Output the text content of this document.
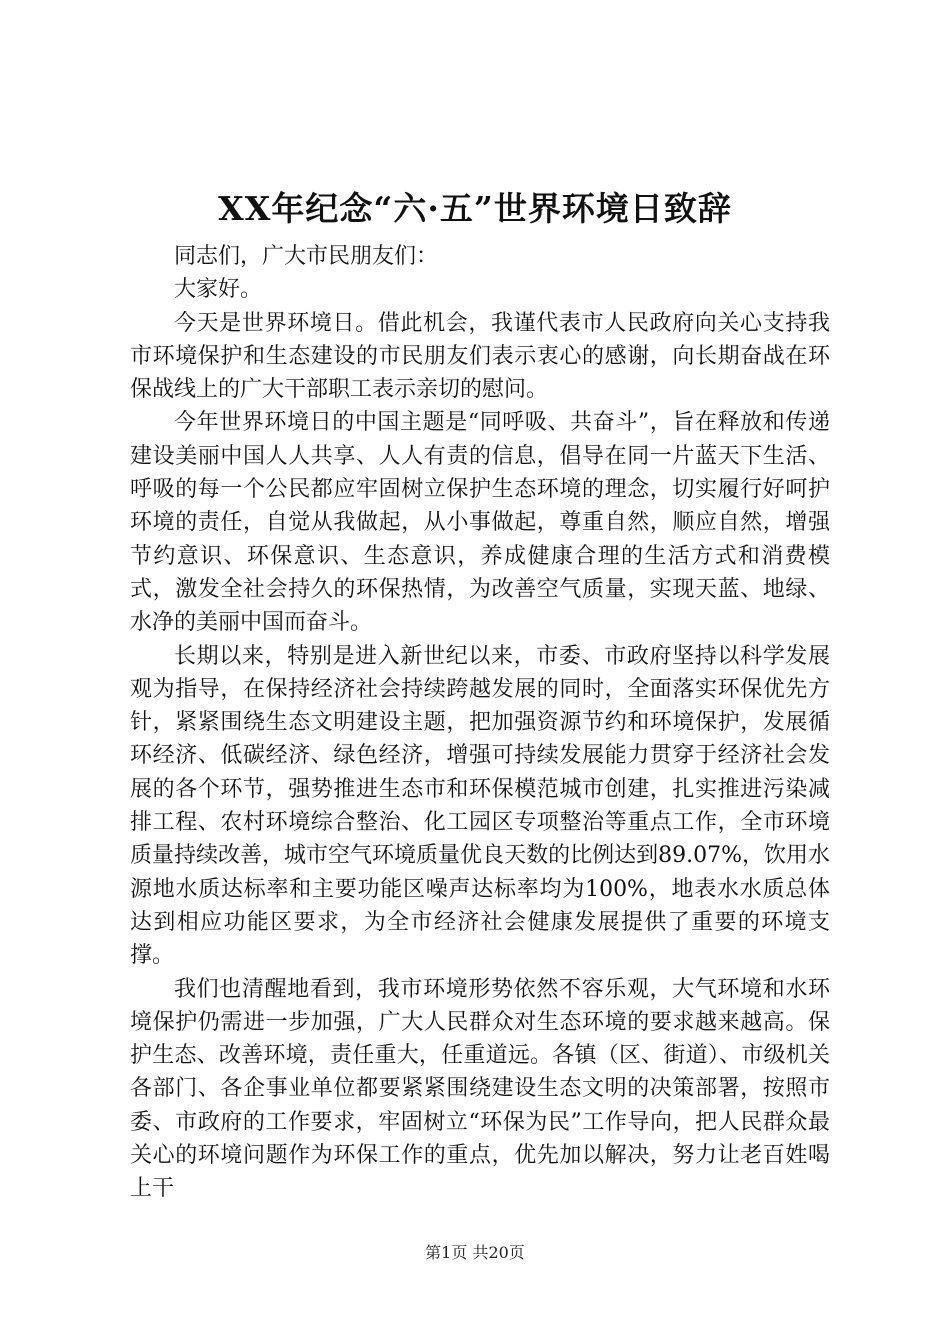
XX年纪念“六·五”世界环境日致辞

同志们，广大市民朋友们：

大家好。

今天是世界环境日。借此机会，我谨代表市人民政府向关心支持我市环境保护和生态建设的市民朋友们表示衷心的感谢，向长期奋战在环保战线上的广大干部职工表示亲切的慰问。

今年世界环境日的中国主题是“同呼吸、共奋斗”，旨在释放和传递建设美丽中国人人共享、人人有责的信息，倡导在同一片蓝天下生活、呼吸的每一个公民都应牢固树立保护生态环境的理念，切实履行好呵护环境的责任，自觉从我做起，从小事做起，尊重自然，顺应自然，增强节约意识、环保意识、生态意识，养成健康合理的生活方式和消费模式，激发全社会持久的环保热情，为改善空气质量，实现天蓝、地绿、水净的美丽中国而奋斗。

长期以来，特别是进入新世纪以来，市委、市政府坚持以科学发展观为指导，在保持经济社会持续跨越发展的同时，全面落实环保优先方针，紧紧围绕生态文明建设主题，把加强资源节约和环境保护，发展循环经济、低碳经济、绿色经济，增强可持续发展能力贯穿于经济社会发展的各个环节，强势推进生态市和环保模范城市创建，扎实推进污染减排工程、农村环境综合整治、化工园区专项整治等重点工作，全市环境质量持续改善，城市空气环境质量优良天数的比例达到89.07%，饮用水源地水质达标率和主要功能区噪声达标率均为100%，地表水水质总体达到相应功能区要求，为全市经济社会健康发展提供了重要的环境支撑。

我们也清醒地看到，我市环境形势依然不容乐观，大气环境和水环境保护仍需进一步加强，广大人民群众对生态环境的要求越来越高。保护生态、改善环境，责任重大，任重道远。各镇（区、街道）、市级机关各部门、各企事业单位都要紧紧围绕建设生态文明的决策部署，按照市委、市政府的工作要求，牢固树立“环保为民”工作导向，把人民群众最关心的环境问题作为环保工作的重点，优先加以解决，努力让老百姓喝上干

第1页 共20页
